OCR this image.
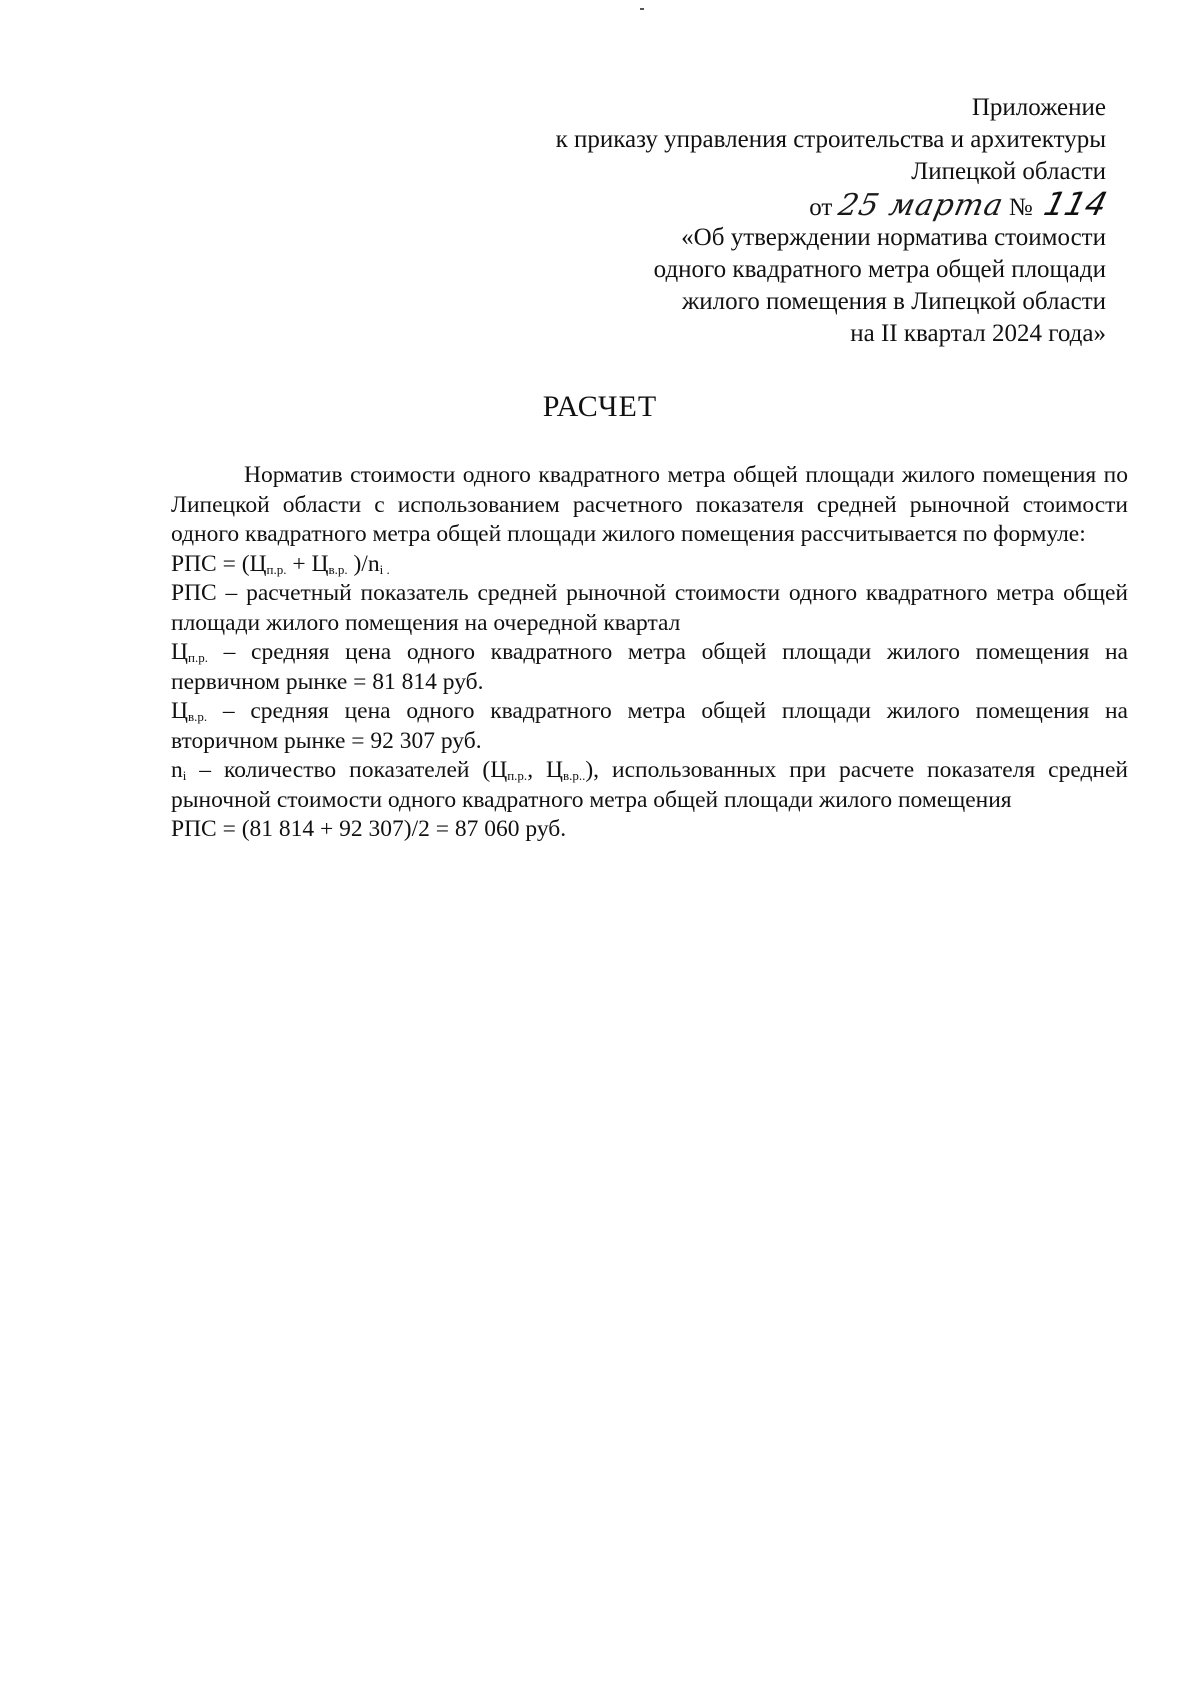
Приложение
к приказу управления строительства и архитектуры
Липецкой области
от 25 марта № 114
«Об утверждении норматива стоимости
одного квадратного метра общей площади
жилого помещения в Липецкой области
на II квартал 2024 года»
РАСЧЕТ

Норматив стоимости одного квадратного метра общей площади жилого помещения по Липецкой области с использованием расчетного показателя средней рыночной стоимости одного квадратного метра общей площади жилого помещения рассчитывается по формуле:

РПС = ($Ц_{п.р.} + Ц_{в.р.}$ )$/n_{i .}$

РПС – расчетный показатель средней рыночной стоимости одного квадратного метра общей площади жилого помещения на очередной квартал

$Ц_{п.р.}$ – средняя цена одного квадратного метра общей площади жилого помещения на первичном рынке = 81 814 руб.

$Ц_{в.р.}$ – средняя цена одного квадратного метра общей площади жилого помещения на вторичном рынке = 92 307 руб.

$n_i$ – количество показателей ($Ц_{п.р.}$, $Ц_{в.р..}$), использованных при расчете показателя средней рыночной стоимости одного квадратного метра общей площади жилого помещения

РПС = (81 814 + 92 307)/2 = 87 060 руб.
